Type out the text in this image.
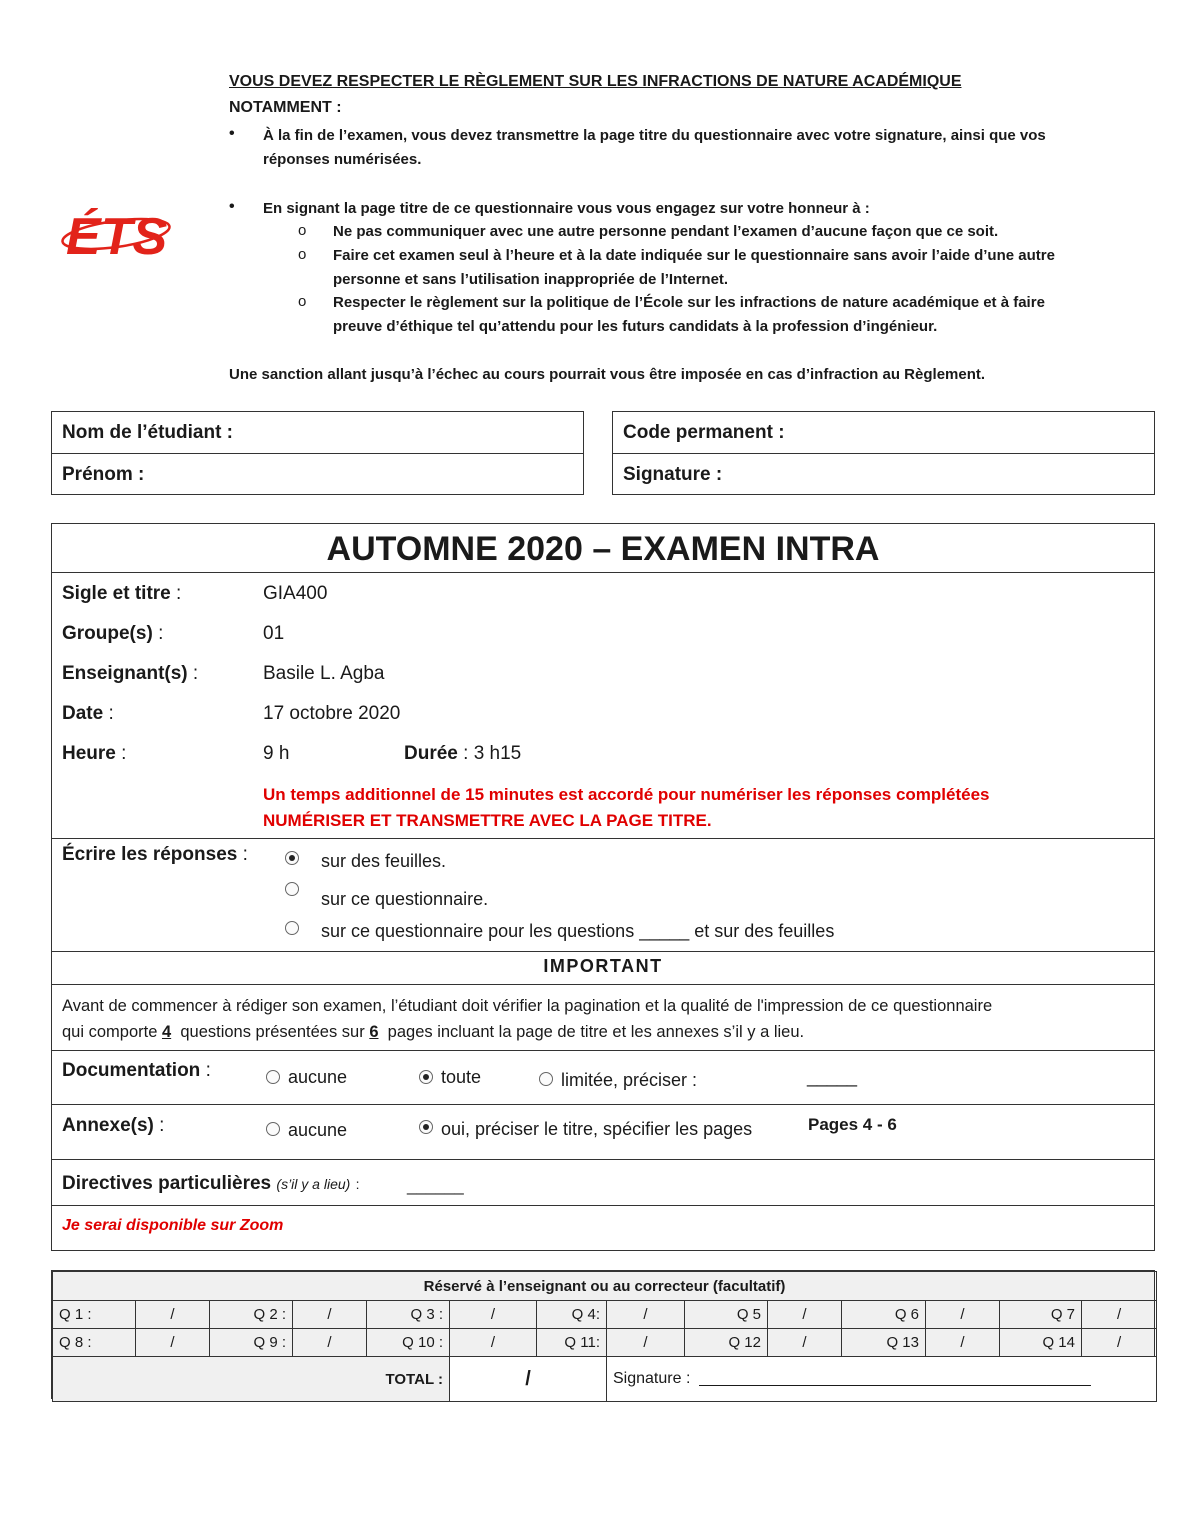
VOUS DEVEZ RESPECTER LE RÈGLEMENT SUR LES INFRACTIONS DE NATURE ACADÉMIQUE
NOTAMMENT :
• À la fin de l’examen, vous devez transmettre la page titre du questionnaire avec votre signature, ainsi que vos
réponses numérisées.
• En signant la page titre de ce questionnaire vous vous engagez sur votre honneur à :
o Ne pas communiquer avec une autre personne pendant l’examen d’aucune façon que ce soit.
o Faire cet examen seul à l’heure et à la date indiquée sur le questionnaire sans avoir l’aide d’une autre
personne et sans l’utilisation inappropriée de l’Internet.
o Respecter le règlement sur la politique de l’École sur les infractions de nature académique et à faire
preuve d’éthique tel qu’attendu pour les futurs candidats à la profession d’ingénieur.
Une sanction allant jusqu’à l’échec au cours pourrait vous être imposée en cas d’infraction au Règlement.
ÉTS
Nom de l’étudiant :
Prénom :
Code permanent :
Signature :
AUTOMNE 2020 – EXAMEN INTRA
Sigle et titre :	GIA400
Groupe(s) :	01
Enseignant(s) :	Basile L. Agba
Date :	17 octobre 2020
Heure :	9 h	Durée : 3 h15
Un temps additionnel de 15 minutes est accordé pour numériser les réponses complétées
NUMÉRISER ET TRANSMETTRE AVEC LA PAGE TITRE.
Écrire les réponses :	sur des feuilles.
sur ce questionnaire.
sur ce questionnaire pour les questions _____ et sur des feuilles
IMPORTANT
Avant de commencer à rédiger son examen, l’étudiant doit vérifier la pagination et la qualité de l'impression de ce questionnaire
qui comporte 4 questions présentées sur 6 pages incluant la page de titre et les annexes s’il y a lieu.
Documentation :	aucune	toute	limitée, préciser :	_____
Annexe(s) :	aucune	oui, préciser le titre, spécifier les pages	Pages 4 - 6
Directives particulières (s’il y a lieu) :	______
Je serai disponible sur Zoom
Réservé à l’enseignant ou au correcteur (facultatif)													
Q 1 :	/	Q 2 :	/	Q 3 :	/	Q 4:	/	Q 5	/	Q 6	/	Q 7	/
Q 8 :	/	Q 9 :	/	Q 10 :	/	Q 11:	/	Q 12	/	Q 13	/	Q 14	/
TOTAL :					/		Signature : ____________________________________________						
